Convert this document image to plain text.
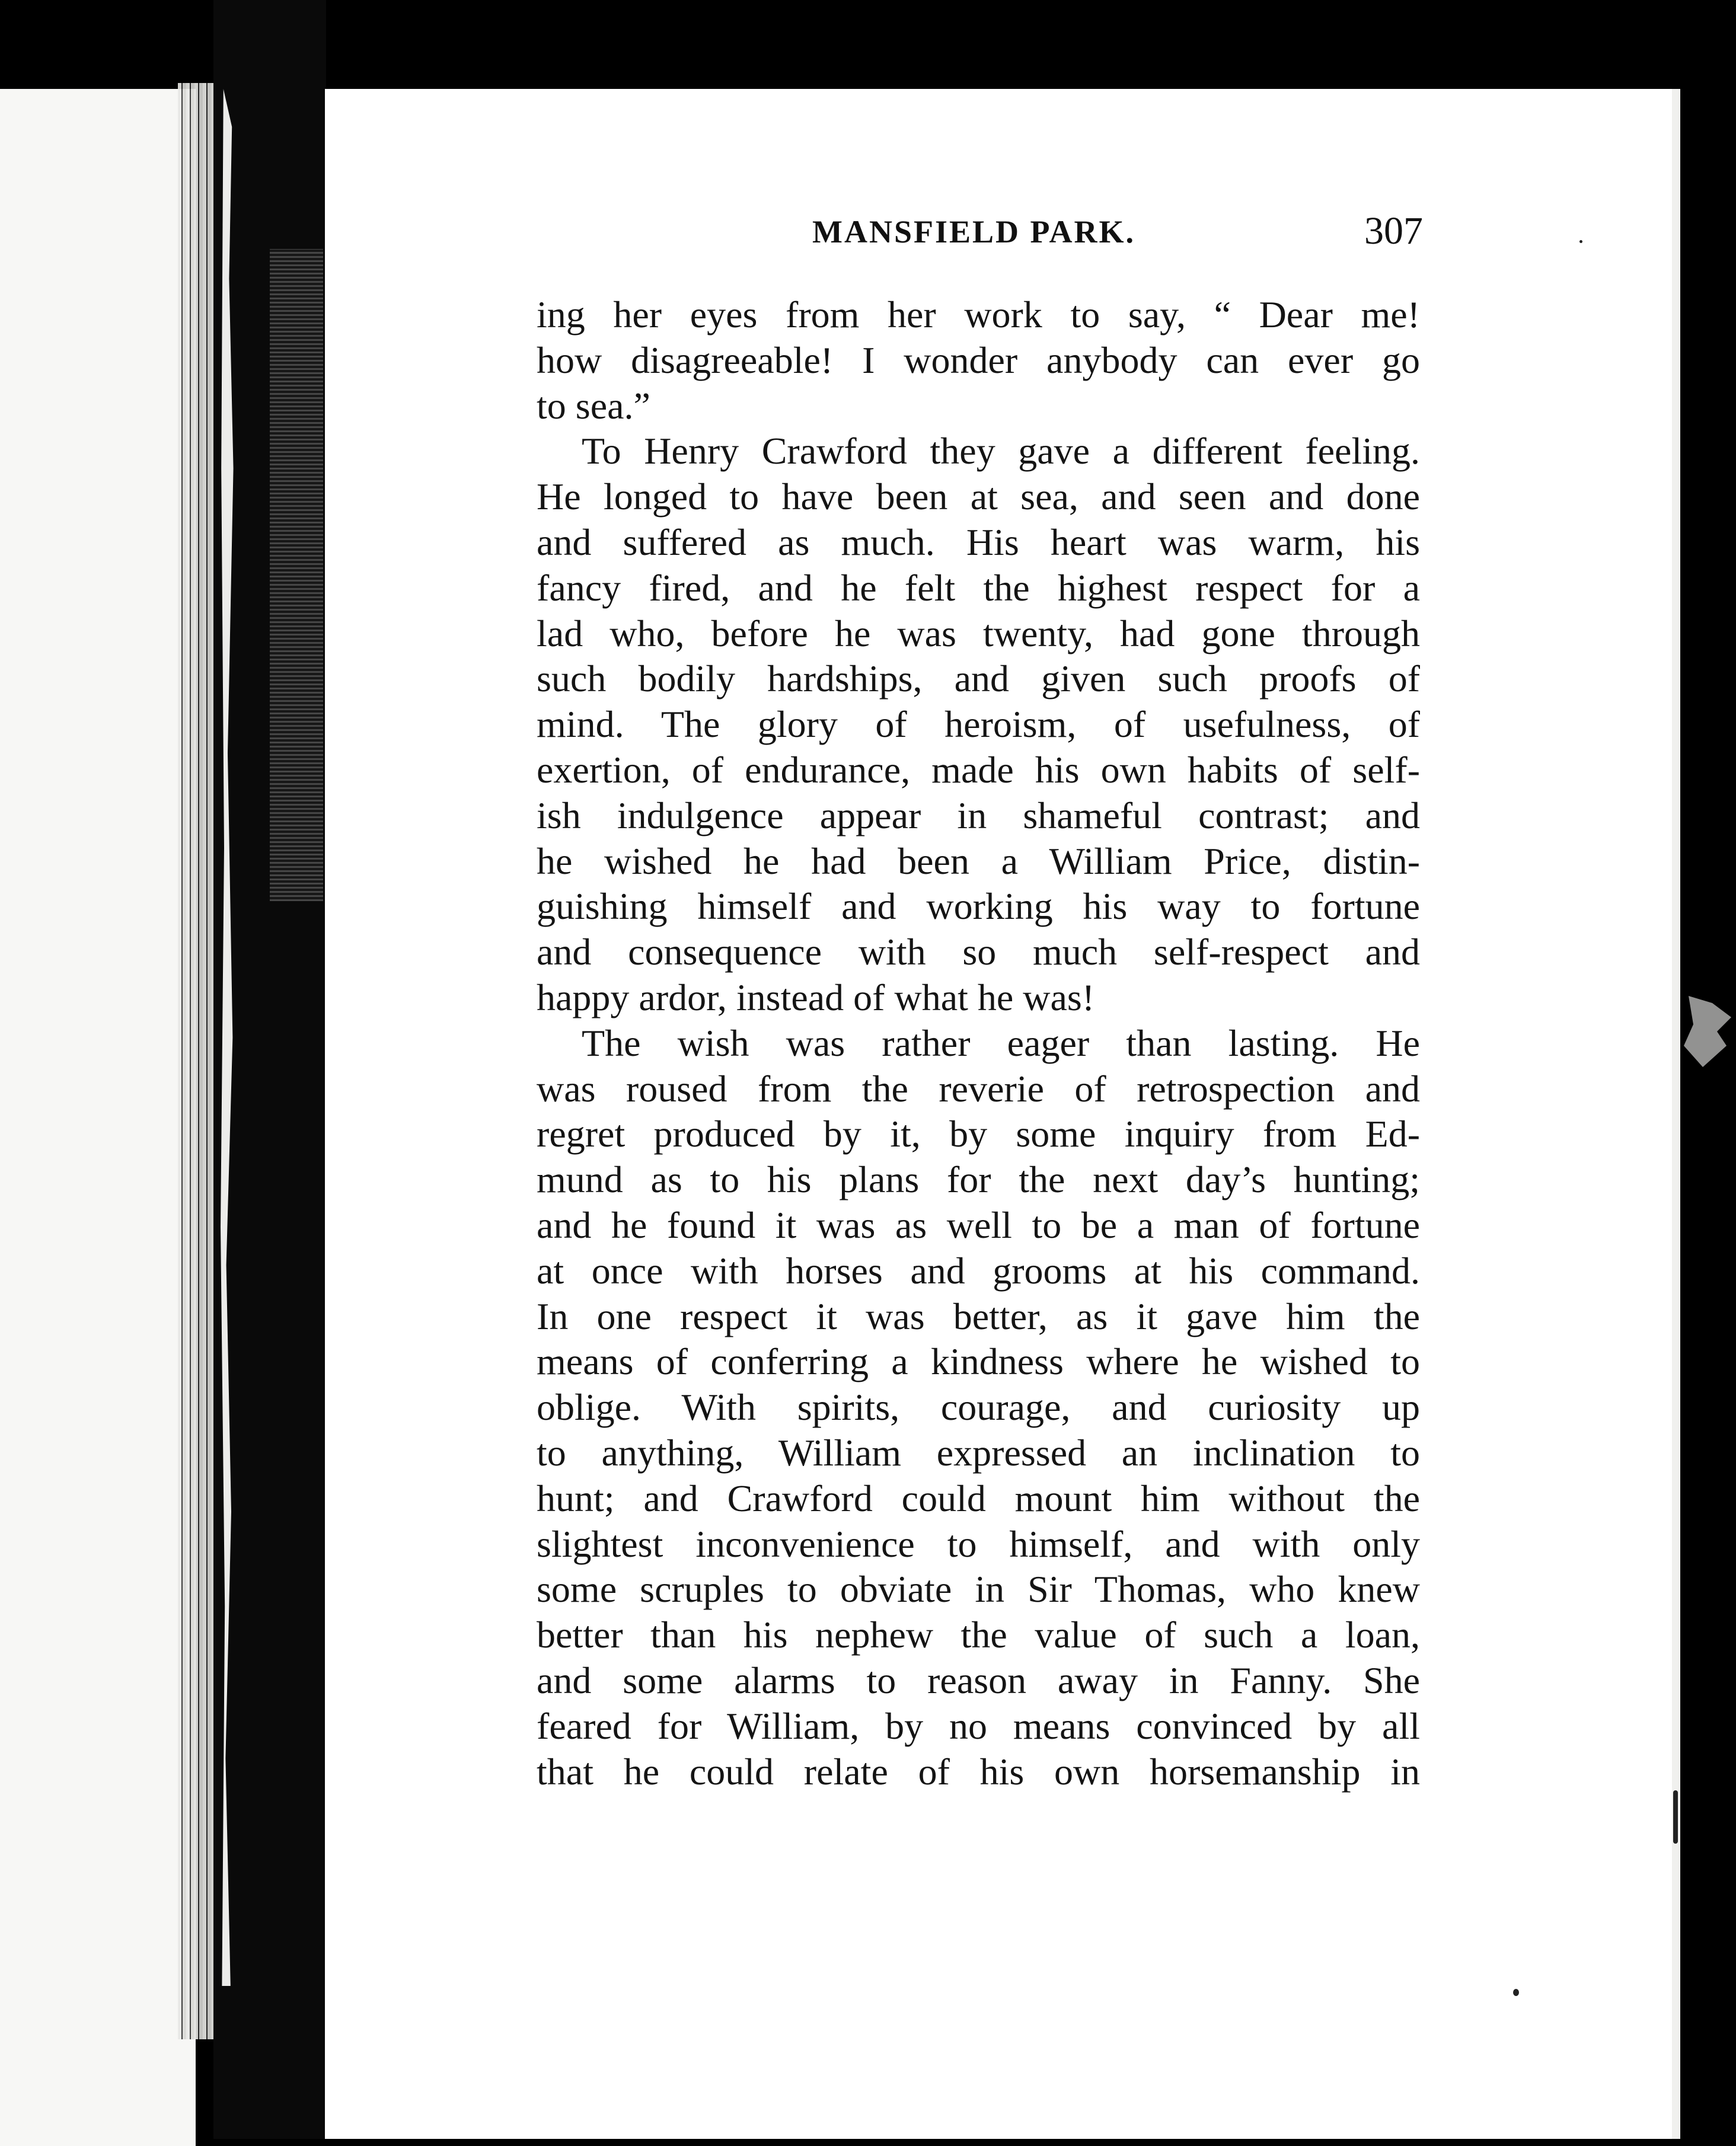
MANSFIELD PARK.	307
ing her eyes from her work to say, “ Dear me!
how disagreeable! I wonder anybody can ever go
to sea.”
To Henry Crawford they gave a different feeling.
He longed to have been at sea, and seen and done
and suffered as much. His heart was warm, his
fancy fired, and he felt the highest respect for a
lad who, before he was twenty, had gone through
such bodily hardships, and given such proofs of
mind. The glory of heroism, of usefulness, of
exertion, of endurance, made his own habits of self-
ish indulgence appear in shameful contrast; and
he wished he had been a William Price, distin-
guishing himself and working his way to fortune
and consequence with so much self-respect and
happy ardor, instead of what he was!
The wish was rather eager than lasting. He
was roused from the reverie of retrospection and
regret produced by it, by some inquiry from Ed-
mund as to his plans for the next day’s hunting;
and he found it was as well to be a man of fortune
at once with horses and grooms at his command.
In one respect it was better, as it gave him the
means of conferring a kindness where he wished to
oblige. With spirits, courage, and curiosity up
to anything, William expressed an inclination to
hunt; and Crawford could mount him without the
slightest inconvenience to himself, and with only
some scruples to obviate in Sir Thomas, who knew
better than his nephew the value of such a loan,
and some alarms to reason away in Fanny. She
feared for William, by no means convinced by all
that he could relate of his own horsemanship in
